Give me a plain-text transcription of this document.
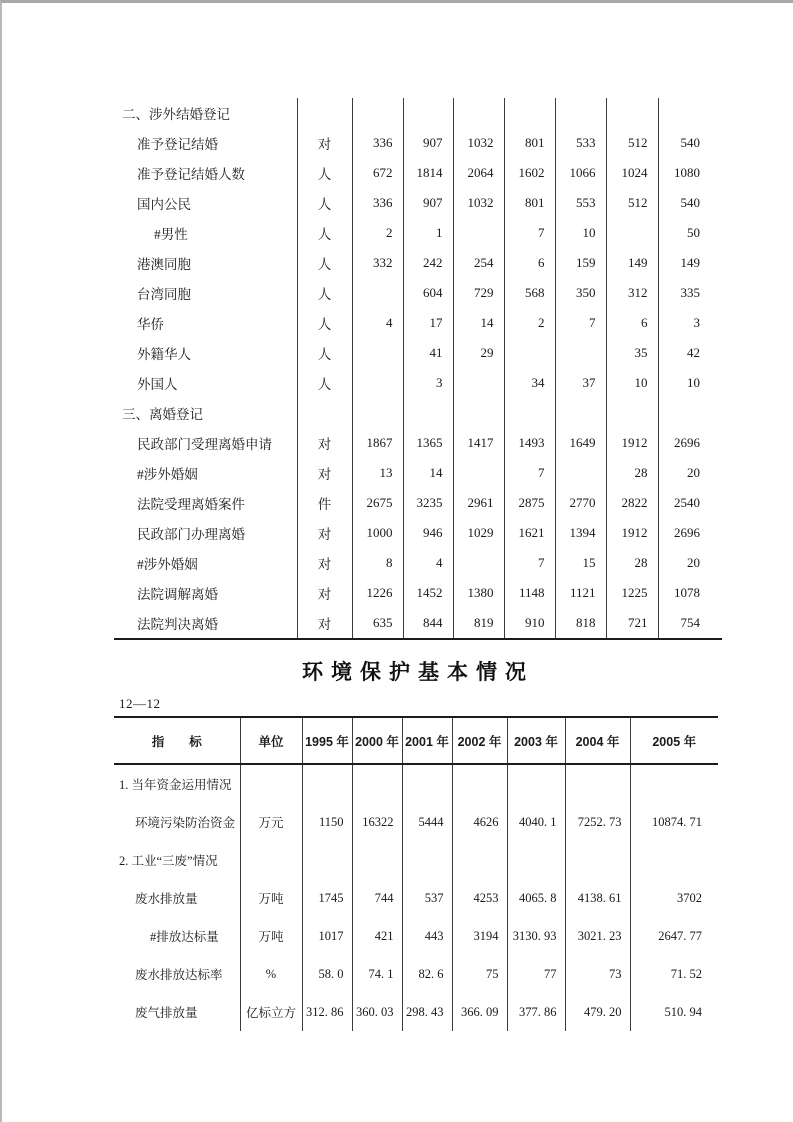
二、涉外结婚登记								
准予登记结婚	对	336	907	1032	801	533	512	540
准予登记结婚人数	人	672	1814	2064	1602	1066	1024	1080
国内公民	人	336	907	1032	801	553	512	540
#男性	人	2	1		7	10		50
港澳同胞	人	332	242	254	6	159	149	149
台湾同胞	人		604	729	568	350	312	335
华侨	人	4	17	14	2	7	6	3
外籍华人	人		41	29			35	42
外国人	人		3		34	37	10	10
三、离婚登记								
民政部门受理离婚申请	对	1867	1365	1417	1493	1649	1912	2696
#涉外婚姻	对	13	14		7		28	20
法院受理离婚案件	件	2675	3235	2961	2875	2770	2822	2540
民政部门办理离婚	对	1000	946	1029	1621	1394	1912	2696
#涉外婚姻	对	8	4		7	15	28	20
法院调解离婚	对	1226	1452	1380	1148	1121	1225	1078
法院判决离婚	对	635	844	819	910	818	721	754
环境保护基本情况
12—12
指　　标	单位	1995 年	2000 年	2001 年	2002 年	2003 年	2004 年	2005 年
1. 当年资金运用情况								
环境污染防治资金	万元	1150	16322	5444	4626	4040. 1	7252. 73	10874. 71
2. 工业“三废”情况								
废水排放量	万吨	1745	744	537	4253	4065. 8	4138. 61	3702
#排放达标量	万吨	1017	421	443	3194	3130. 93	3021. 23	2647. 77
废水排放达标率	%	58. 0	74. 1	82. 6	75	77	73	71. 52
废气排放量	亿标立方	312. 86	360. 03	298. 43	366. 09	377. 86	479. 20	510. 94
